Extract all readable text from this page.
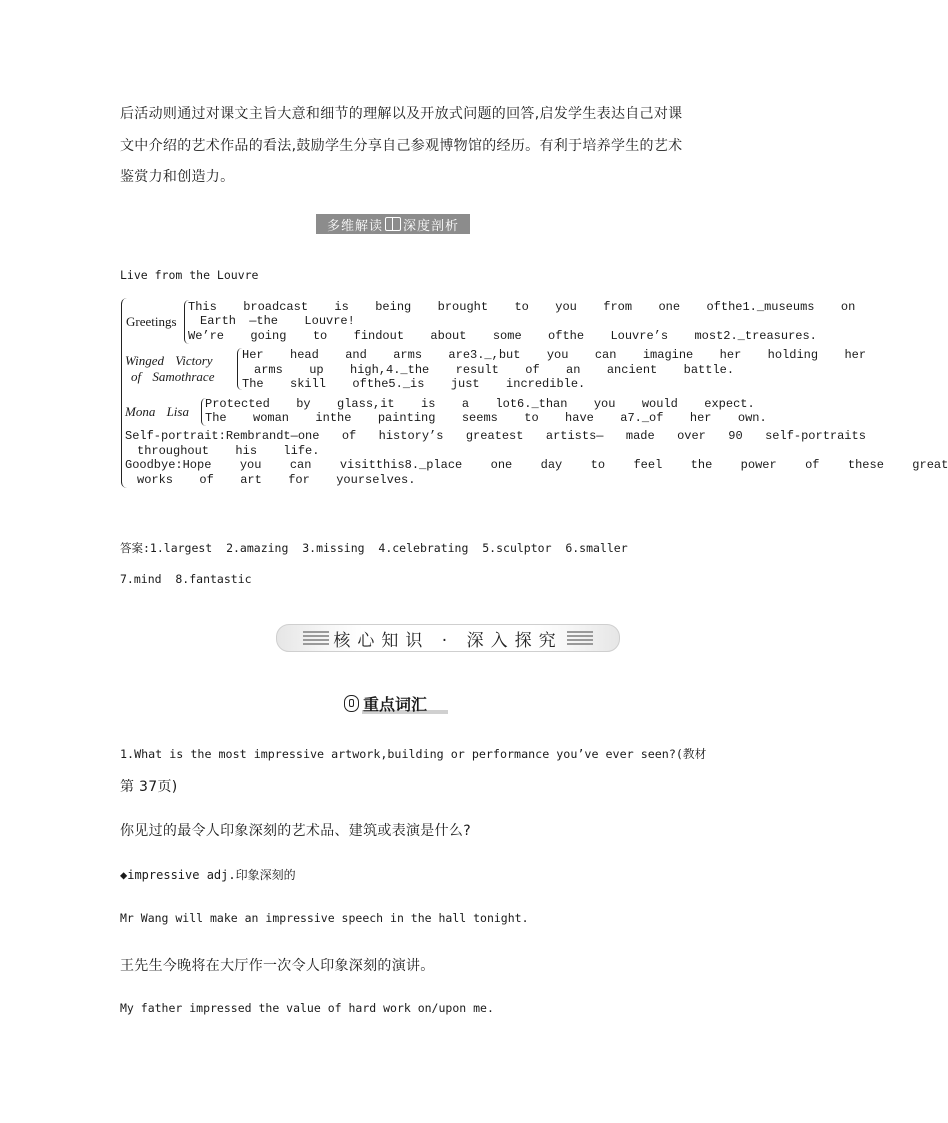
后活动则通过对课文主旨大意和细节的理解以及开放式问题的回答,启发学生表达自己对课
文中介绍的艺术作品的看法,鼓励学生分享自己参观博物馆的经历。有利于培养学生的艺术
鉴赏力和创造力。
多维解读 深度剖析
Live from the Louvre
Greetings
This  broadcast  is  being  brought  to  you  from  one  ofthe1._museums  on
Earth —the  Louvre!
We’re  going  to  findout  about  some  ofthe  Louvre’s  most2._treasures.
Winged Victory
of Samothrace
Her  head  and  arms  are3._,but  you  can  imagine  her  holding  her
arms  up  high,4._the  result  of  an  ancient  battle.
The  skill  ofthe5._is  just  incredible.
Mona Lisa Protected  by  glass,it  is  a  lot6._than  you  would  expect.
The  woman  inthe  painting  seems  to  have  a7._of  her  own.
Self-portrait:Rembrandt—one  of  history’s  greatest  artists—  made  over  90  self-portraits
throughout  his  life.
Goodbye:Hope  you  can  visitthis8._place  one  day  to  feel  the  power  of  these  great
works  of  art  for  yourselves.
答案:1.largest  2.amazing  3.missing  4.celebrating  5.sculptor  6.smaller
7.mind  8.fantastic
核心知识 · 深入探究
重点词汇
1.What is the most impressive artwork,building or performance you’ve ever seen?(教材
第 37页)
你见过的最令人印象深刻的艺术品、建筑或表演是什么?
◆impressive adj.印象深刻的
Mr Wang will make an impressive speech in the hall tonight.
王先生今晚将在大厅作一次令人印象深刻的演讲。
My father impressed the value of hard work on/upon me.
